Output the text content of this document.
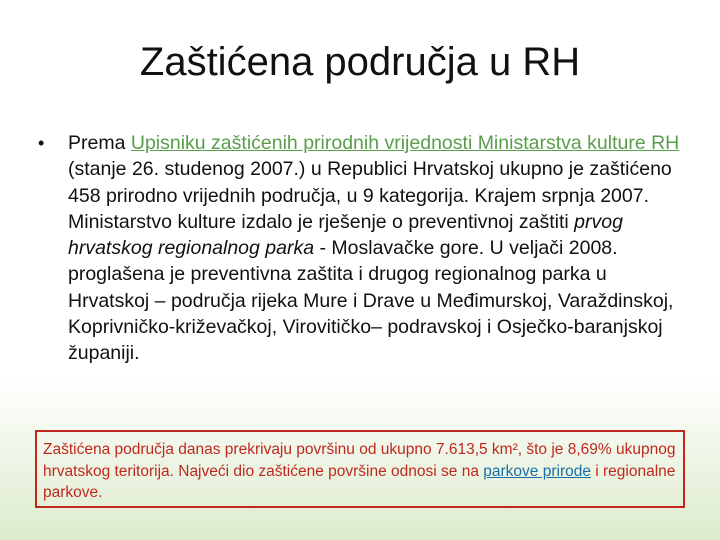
Zaštićena područja u RH
• Prema Upisniku zaštićenih prirodnih vrijednosti Ministarstva kulture RH (stanje 26. studenog 2007.) u Republici Hrvatskoj ukupno je zaštićeno 458 prirodno vrijednih područja, u 9 kategorija. Krajem srpnja 2007. Ministarstvo kulture izdalo je rješenje o preventivnoj zaštiti prvog hrvatskog regionalnog parka - Moslavačke gore. U veljači 2008. proglašena je preventivna zaštita i drugog regionalnog parka u Hrvatskoj – područja rijeka Mure i Drave u Međimurskoj, Varaždinskoj, Koprivničko-križevačkoj, Virovitičko– podravskoj i Osječko-baranjskoj županiji.
Zaštićena područja danas prekrivaju površinu od ukupno 7.613,5 km², što je 8,69% ukupnog hrvatskog teritorija. Najveći dio zaštićene površine odnosi se na parkove prirode i regionalne parkove.
